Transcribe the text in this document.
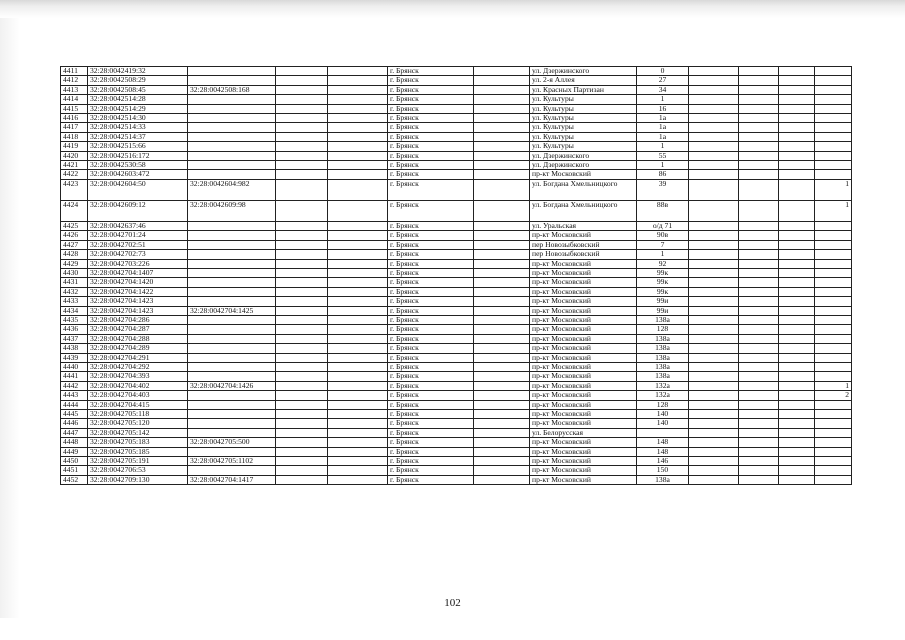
4411	32:28:0042419:32				г. Брянск		ул. Дзержинского	0				
4412	32:28:0042508:29				г. Брянск		ул. 2-я Аллея	27				
4413	32:28:0042508:45	32:28:0042508:168			г. Брянск		ул. Красных Партизан	34				
4414	32:28:0042514:28				г. Брянск		ул. Культуры	1				
4415	32:28:0042514:29				г. Брянск		ул. Культуры	16				
4416	32:28:0042514:30				г. Брянск		ул. Культуры	1а				
4417	32:28:0042514:33				г. Брянск		ул. Культуры	1а				
4418	32:28:0042514:37				г. Брянск		ул. Культуры	1а				
4419	32:28:0042515:66				г. Брянск		ул. Культуры	1				
4420	32:28:0042516:172				г. Брянск		ул. Дзержинского	55				
4421	32:28:0042530:58				г. Брянск		ул. Дзержинского	1				
4422	32:28:0042603:472				г. Брянск		пр-кт Московский	86				
4423	32:28:0042604:50	32:28:0042604:982			г. Брянск		ул. Богдана Хмельницкого	39				1
4424	32:28:0042609:12	32:28:0042609:98			г. Брянск		ул. Богдана Хмельницкого	88в				1
4425	32:28:0042637:46				г. Брянск		ул. Уральская	о/д 71				
4426	32:28:0042701:24				г. Брянск		пр-кт Московский	90в				
4427	32:28:0042702:51				г. Брянск		пер Новозыбковский	7				
4428	32:28:0042702:73				г. Брянск		пер Новозыбковский	1				
4429	32:28:0042703:226				г. Брянск		пр-кт Московский	92				
4430	32:28:0042704:1407				г. Брянск		пр-кт Московский	99к				
4431	32:28:0042704:1420				г. Брянск		пр-кт Московский	99к				
4432	32:28:0042704:1422				г. Брянск		пр-кт Московский	99к				
4433	32:28:0042704:1423				г. Брянск		пр-кт Московский	99и				
4434	32:28:0042704:1423	32:28:0042704:1425			г. Брянск		пр-кт Московский	99и				
4435	32:28:0042704:286				г. Брянск		пр-кт Московский	138а				
4436	32:28:0042704:287				г. Брянск		пр-кт Московский	128				
4437	32:28:0042704:288				г. Брянск		пр-кт Московский	138а				
4438	32:28:0042704:289				г. Брянск		пр-кт Московский	138а				
4439	32:28:0042704:291				г. Брянск		пр-кт Московский	138а				
4440	32:28:0042704:292				г. Брянск		пр-кт Московский	138а				
4441	32:28:0042704:393				г. Брянск		пр-кт Московский	138а				
4442	32:28:0042704:402	32:28:0042704:1426			г. Брянск		пр-кт Московский	132а				1
4443	32:28:0042704:403				г. Брянск		пр-кт Московский	132а				2
4444	32:28:0042704:415				г. Брянск		пр-кт Московский	128				
4445	32:28:0042705:118				г. Брянск		пр-кт Московский	140				
4446	32:28:0042705:120				г. Брянск		пр-кт Московский	140				
4447	32:28:0042705:142				г. Брянск		ул. Белорусская					
4448	32:28:0042705:183	32:28:0042705:500			г. Брянск		пр-кт Московский	148				
4449	32:28:0042705:185				г. Брянск		пр-кт Московский	148				
4450	32:28:0042705:191	32:28:0042705:1102			г. Брянск		пр-кт Московский	146				
4451	32:28:0042706:53				г. Брянск		пр-кт Московский	150				
4452	32:28:0042709:130	32:28:0042704:1417			г. Брянск		пр-кт Московский	138а				
102
